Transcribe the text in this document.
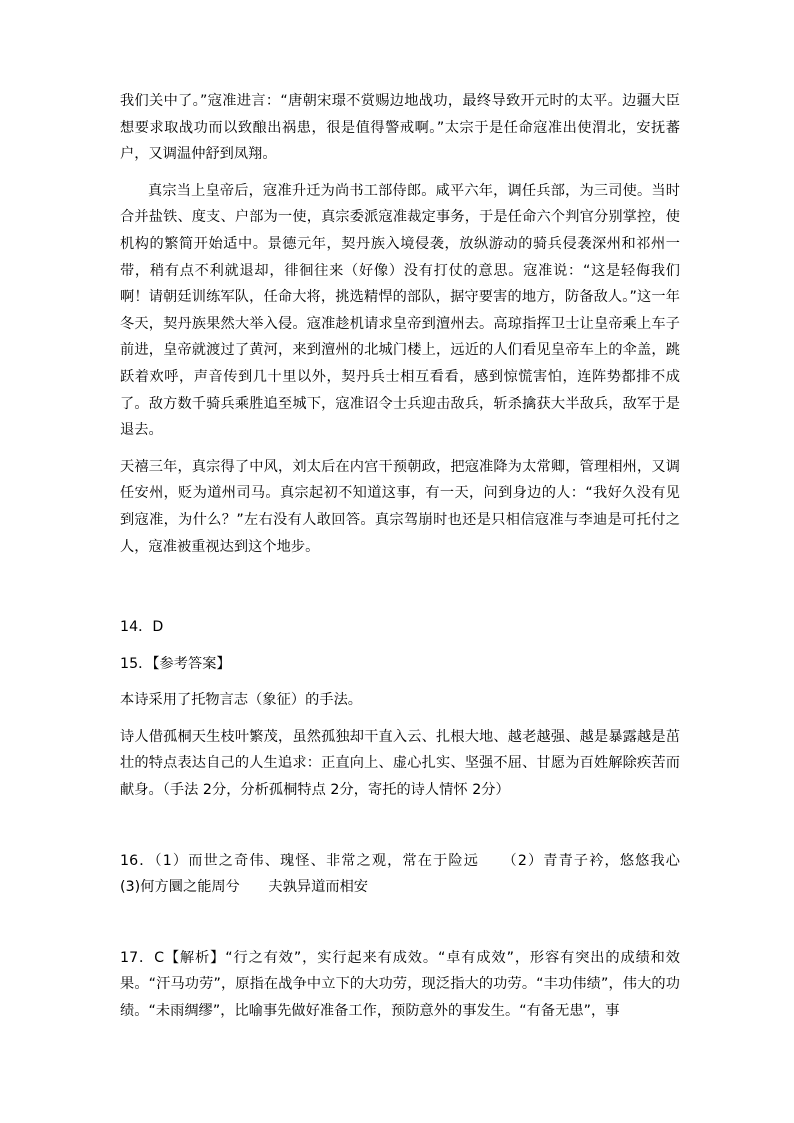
我们关中了。”寇准进言：“唐朝宋璟不赏赐边地战功，最终导致开元时的太平。边疆大臣想要求取战功而以致酿出祸患，很是值得警戒啊。”太宗于是任命寇准出使渭北，安抚蕃户，又调温仲舒到凤翔。

真宗当上皇帝后，寇准升迁为尚书工部侍郎。咸平六年，调任兵部，为三司使。当时合并盐铁、度支、户部为一使，真宗委派寇准裁定事务，于是任命六个判官分别掌控，使机构的繁简开始适中。景德元年，契丹族入境侵袭，放纵游动的骑兵侵袭深州和祁州一带，稍有点不利就退却，徘徊往来（好像）没有打仗的意思。寇准说：“这是轻侮我们啊！请朝廷训练军队，任命大将，挑选精悍的部队，据守要害的地方，防备敌人。”这一年冬天，契丹族果然大举入侵。寇准趁机请求皇帝到澶州去。高琼指挥卫士让皇帝乘上车子前进，皇帝就渡过了黄河，来到澶州的北城门楼上，远近的人们看见皇帝车上的伞盖，跳跃着欢呼，声音传到几十里以外，契丹兵士相互看看，感到惊慌害怕，连阵势都排不成了。敌方数千骑兵乘胜追至城下，寇准诏令士兵迎击敌兵，斩杀擒获大半敌兵，敌军于是退去。

天禧三年，真宗得了中风，刘太后在内宫干预朝政，把寇准降为太常卿，管理相州，又调任安州，贬为道州司马。真宗起初不知道这事，有一天，问到身边的人：“我好久没有见到寇准，为什么？”左右没有人敢回答。真宗驾崩时也还是只相信寇准与李迪是可托付之人，寇准被重视达到这个地步。

14．D

15．【参考答案】

本诗采用了托物言志（象征）的手法。

诗人借孤桐天生枝叶繁茂，虽然孤独却干直入云、扎根大地、越老越强、越是暴露越是茁壮的特点表达自己的人生追求：正直向上、虚心扎实、坚强不屈、甘愿为百姓解除疾苦而献身。（手法 2分，分析孤桐特点 2分，寄托的诗人情怀 2分）

16．（1）而世之奇伟、瑰怪、非常之观，常在于险远　　（2）青青子衿，悠悠我心　　(3)何方圜之能周兮　　夫孰异道而相安

17．C【解析】“行之有效”，实行起来有成效。“卓有成效”，形容有突出的成绩和效果。“汗马功劳”，原指在战争中立下的大功劳，现泛指大的功劳。“丰功伟绩”，伟大的功绩。“未雨绸缪”，比喻事先做好准备工作，预防意外的事发生。“有备无患”，事
